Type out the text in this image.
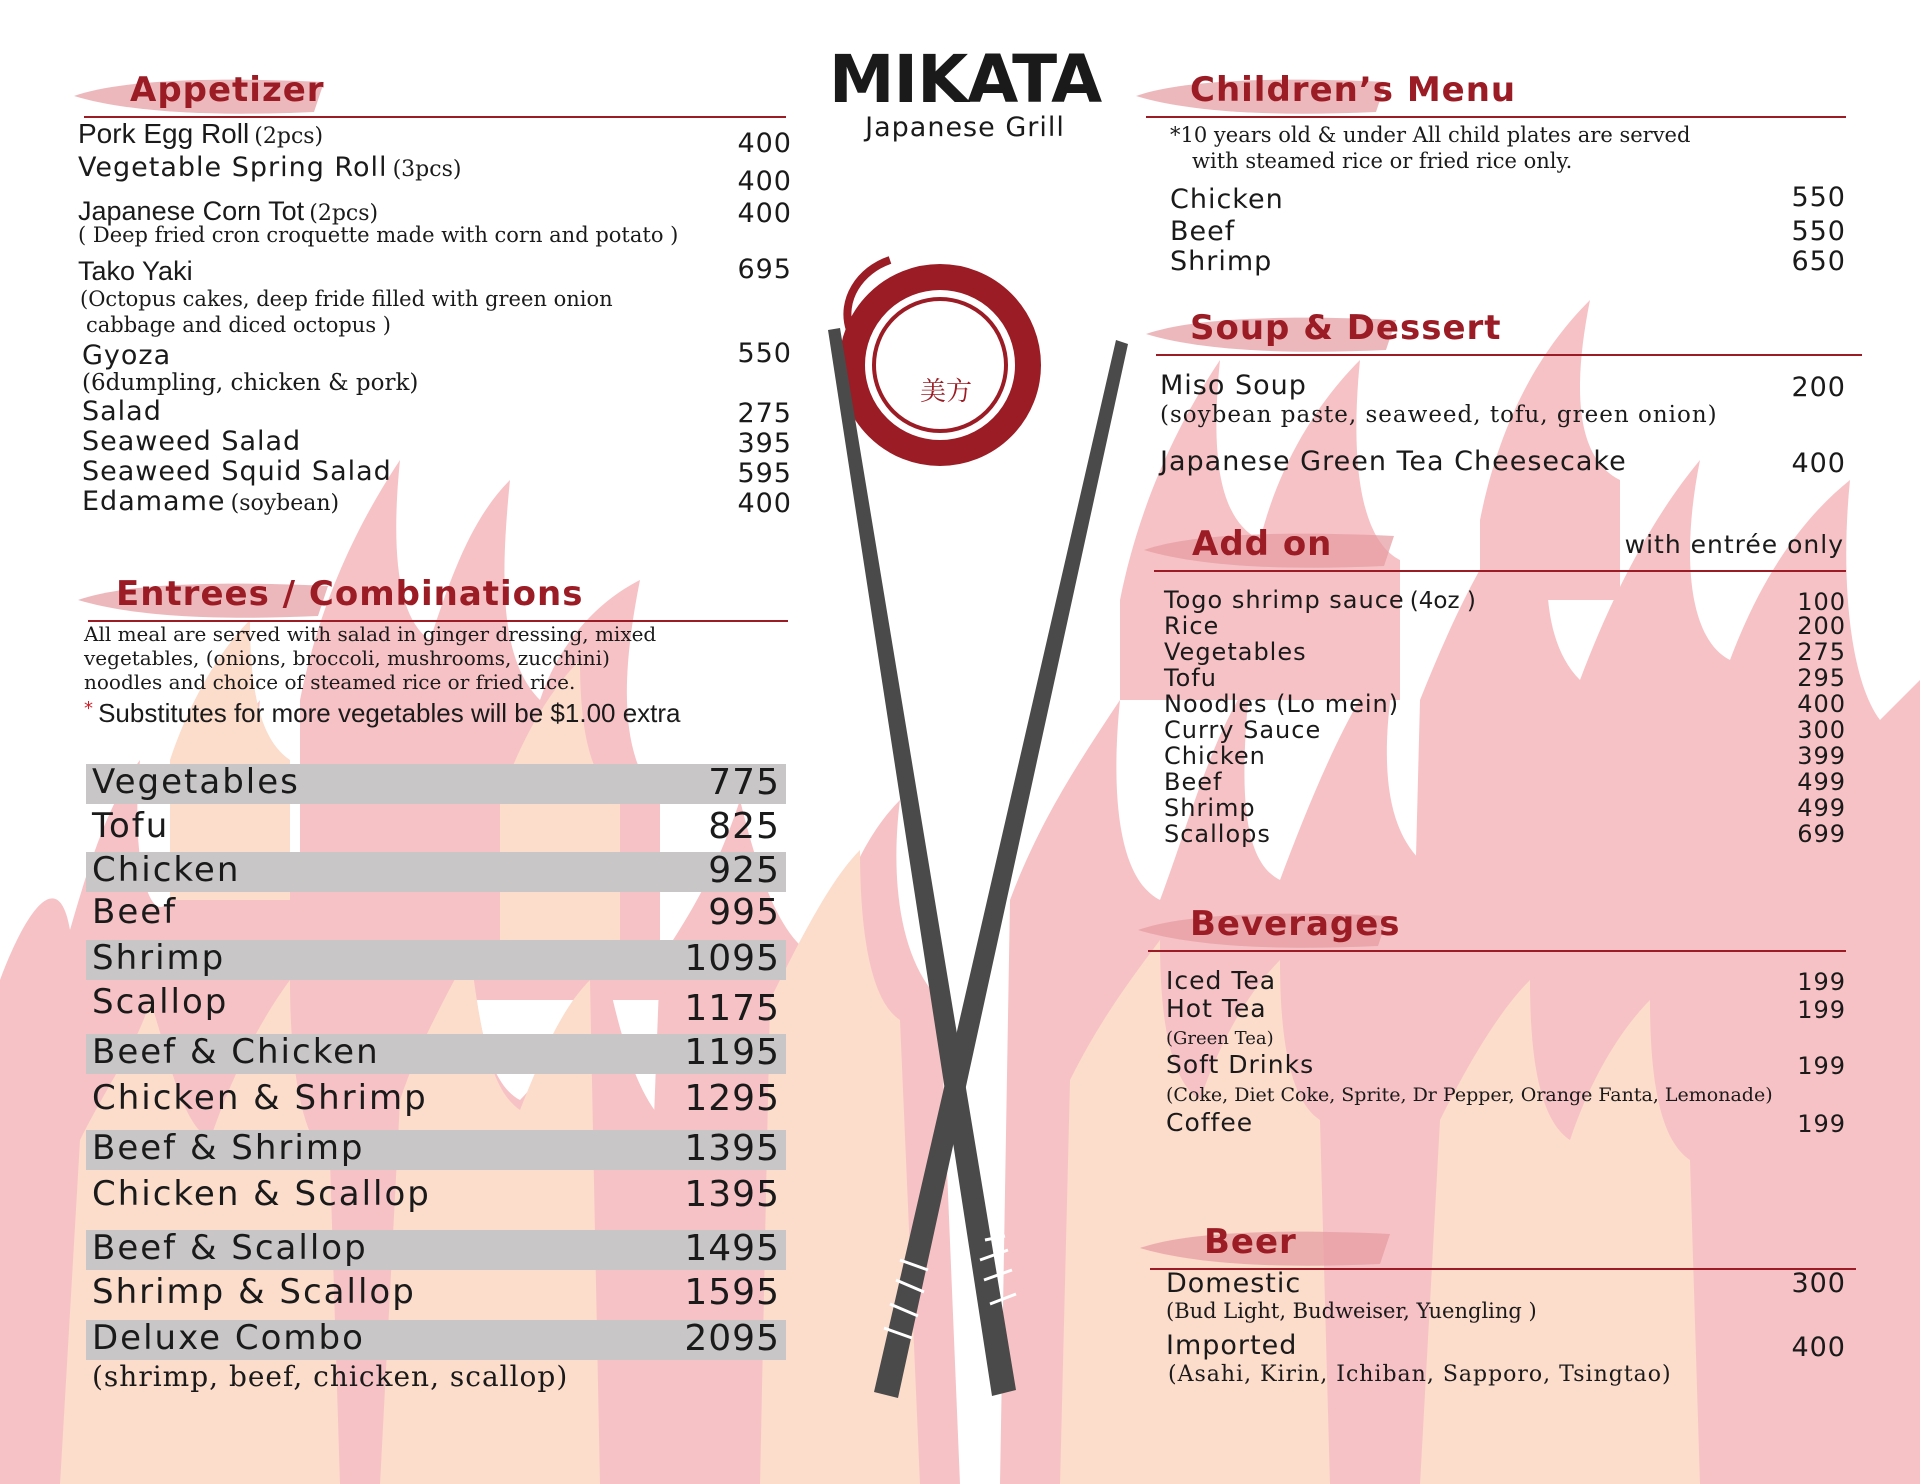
MIKATA
Japanese Grill
美方
Appetizer
Pork Egg Roll (2pcs)	400
Vegetable Spring Roll (3pcs)	400
Japanese Corn Tot (2pcs)	400
( Deep fried cron croquette made with corn and potato )
Tako Yaki	695
(Octopus cakes, deep fride filled with green onion
cabbage and diced octopus )
Gyoza	550
(6dumpling, chicken & pork)
Salad	275
Seaweed Salad	395
Seaweed Squid Salad	595
Edamame (soybean)	400
Entrees / Combinations
All meal are served with salad in ginger dressing, mixed
vegetables, (onions, broccoli, mushrooms, zucchini)
noodles and choice of steamed rice or fried rice.
* Substitutes for more vegetables will be $1.00 extra
Vegetables	775
Tofu	825
Chicken	925
Beef	995
Shrimp	1095
Scallop	1175
Beef & Chicken	1195
Chicken & Shrimp	1295
Beef & Shrimp	1395
Chicken & Scallop	1395
Beef & Scallop	1495
Shrimp & Scallop	1595
Deluxe Combo	2095
(shrimp, beef, chicken, scallop)
Children’s Menu
*10 years old & under All child plates are served
with steamed rice or fried rice only.
Chicken	550
Beef	550
Shrimp	650
Soup & Dessert
Miso Soup	200
(soybean paste, seaweed, tofu, green onion)
Japanese Green Tea Cheesecake	400
Add on	with entrée only
Togo shrimp sauce (4oz )	100
Rice	200
Vegetables	275
Tofu	295
Noodles (Lo mein)	400
Curry Sauce	300
Chicken	399
Beef	499
Shrimp	499
Scallops	699
Beverages
Iced Tea	199
Hot Tea	199
(Green Tea)
Soft Drinks	199
(Coke, Diet Coke, Sprite, Dr Pepper, Orange Fanta, Lemonade)
Coffee	199
Beer
Domestic	300
(Bud Light, Budweiser, Yuengling )
Imported	400
(Asahi, Kirin, Ichiban, Sapporo, Tsingtao)
